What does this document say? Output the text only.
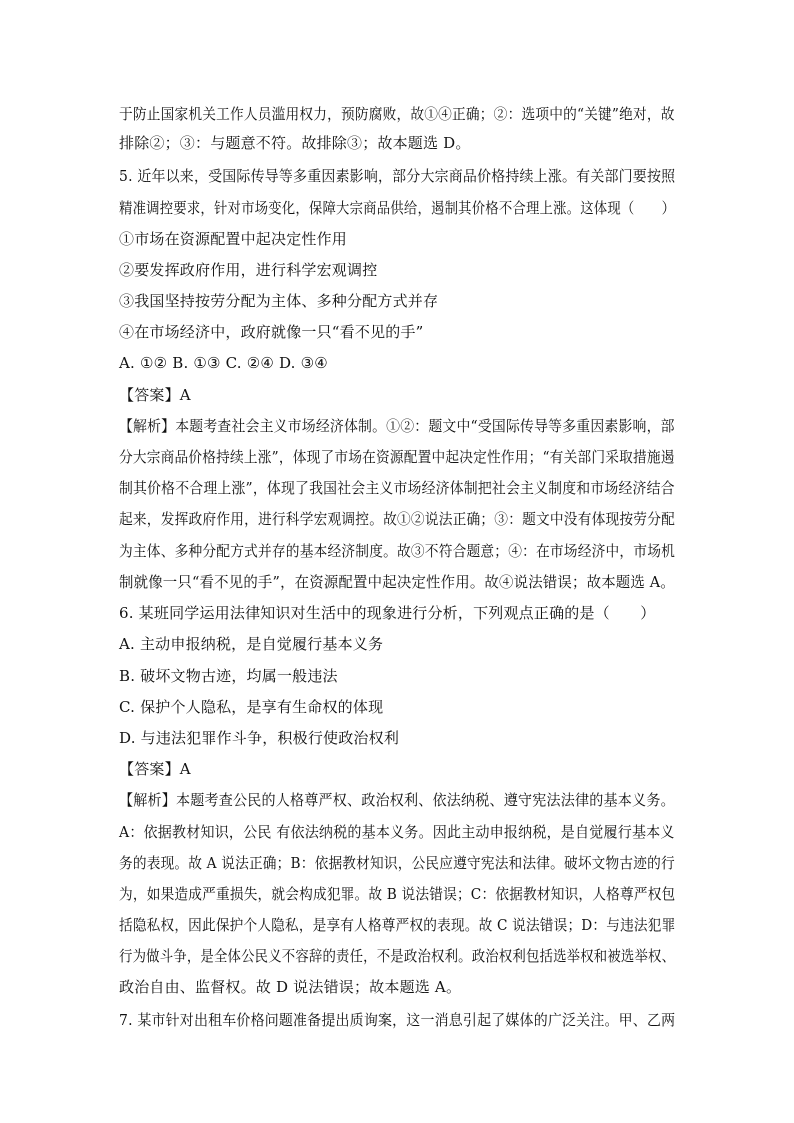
于防止国家机关工作人员滥用权力，预防腐败，故①④正确；②：选项中的“关键”绝对，故
排除②；③：与题意不符。故排除③；故本题选 D。
5. 近年以来，受国际传导等多重因素影响，部分大宗商品价格持续上涨。有关部门要按照
精准调控要求，针对市场变化，保障大宗商品供给，遏制其价格不合理上涨。这体现（　　）
①市场在资源配置中起决定性作用
②要发挥政府作用，进行科学宏观调控
③我国坚持按劳分配为主体、多种分配方式并存
④在市场经济中，政府就像一只“看不见的手”
A. ①② B. ①③ C. ②④ D. ③④
【答案】A
【解析】本题考查社会主义市场经济体制。①②：题文中“受国际传导等多重因素影响，部
分大宗商品价格持续上涨”，体现了市场在资源配置中起决定性作用；“有关部门采取措施遏
制其价格不合理上涨”，体现了我国社会主义市场经济体制把社会主义制度和市场经济结合
起来，发挥政府作用，进行科学宏观调控。故①②说法正确；③：题文中没有体现按劳分配
为主体、多种分配方式并存的基本经济制度。故③不符合题意；④：在市场经济中，市场机
制就像一只“看不见的手”，在资源配置中起决定性作用。故④说法错误；故本题选 A。
6. 某班同学运用法律知识对生活中的现象进行分析，下列观点正确的是（　　）
A. 主动申报纳税，是自觉履行基本义务
B. 破坏文物古迹，均属一般违法
C. 保护个人隐私，是享有生命权的体现
D. 与违法犯罪作斗争，积极行使政治权利
【答案】A
【解析】本题考查公民的人格尊严权、政治权利、依法纳税、遵守宪法法律的基本义务。
A：依据教材知识，公民 有依法纳税的基本义务。因此主动申报纳税，是自觉履行基本义
务的表现。故 A 说法正确；B：依据教材知识，公民应遵守宪法和法律。破坏文物古迹的行
为，如果造成严重损失，就会构成犯罪。故 B 说法错误；C：依据教材知识，人格尊严权包
括隐私权，因此保护个人隐私，是享有人格尊严权的表现。故 C 说法错误；D：与违法犯罪
行为做斗争，是全体公民义不容辞的责任，不是政治权利。政治权利包括选举权和被选举权、
政治自由、监督权。故 D 说法错误；故本题选 A。
7. 某市针对出租车价格问题准备提出质询案，这一消息引起了媒体的广泛关注。甲、乙两
